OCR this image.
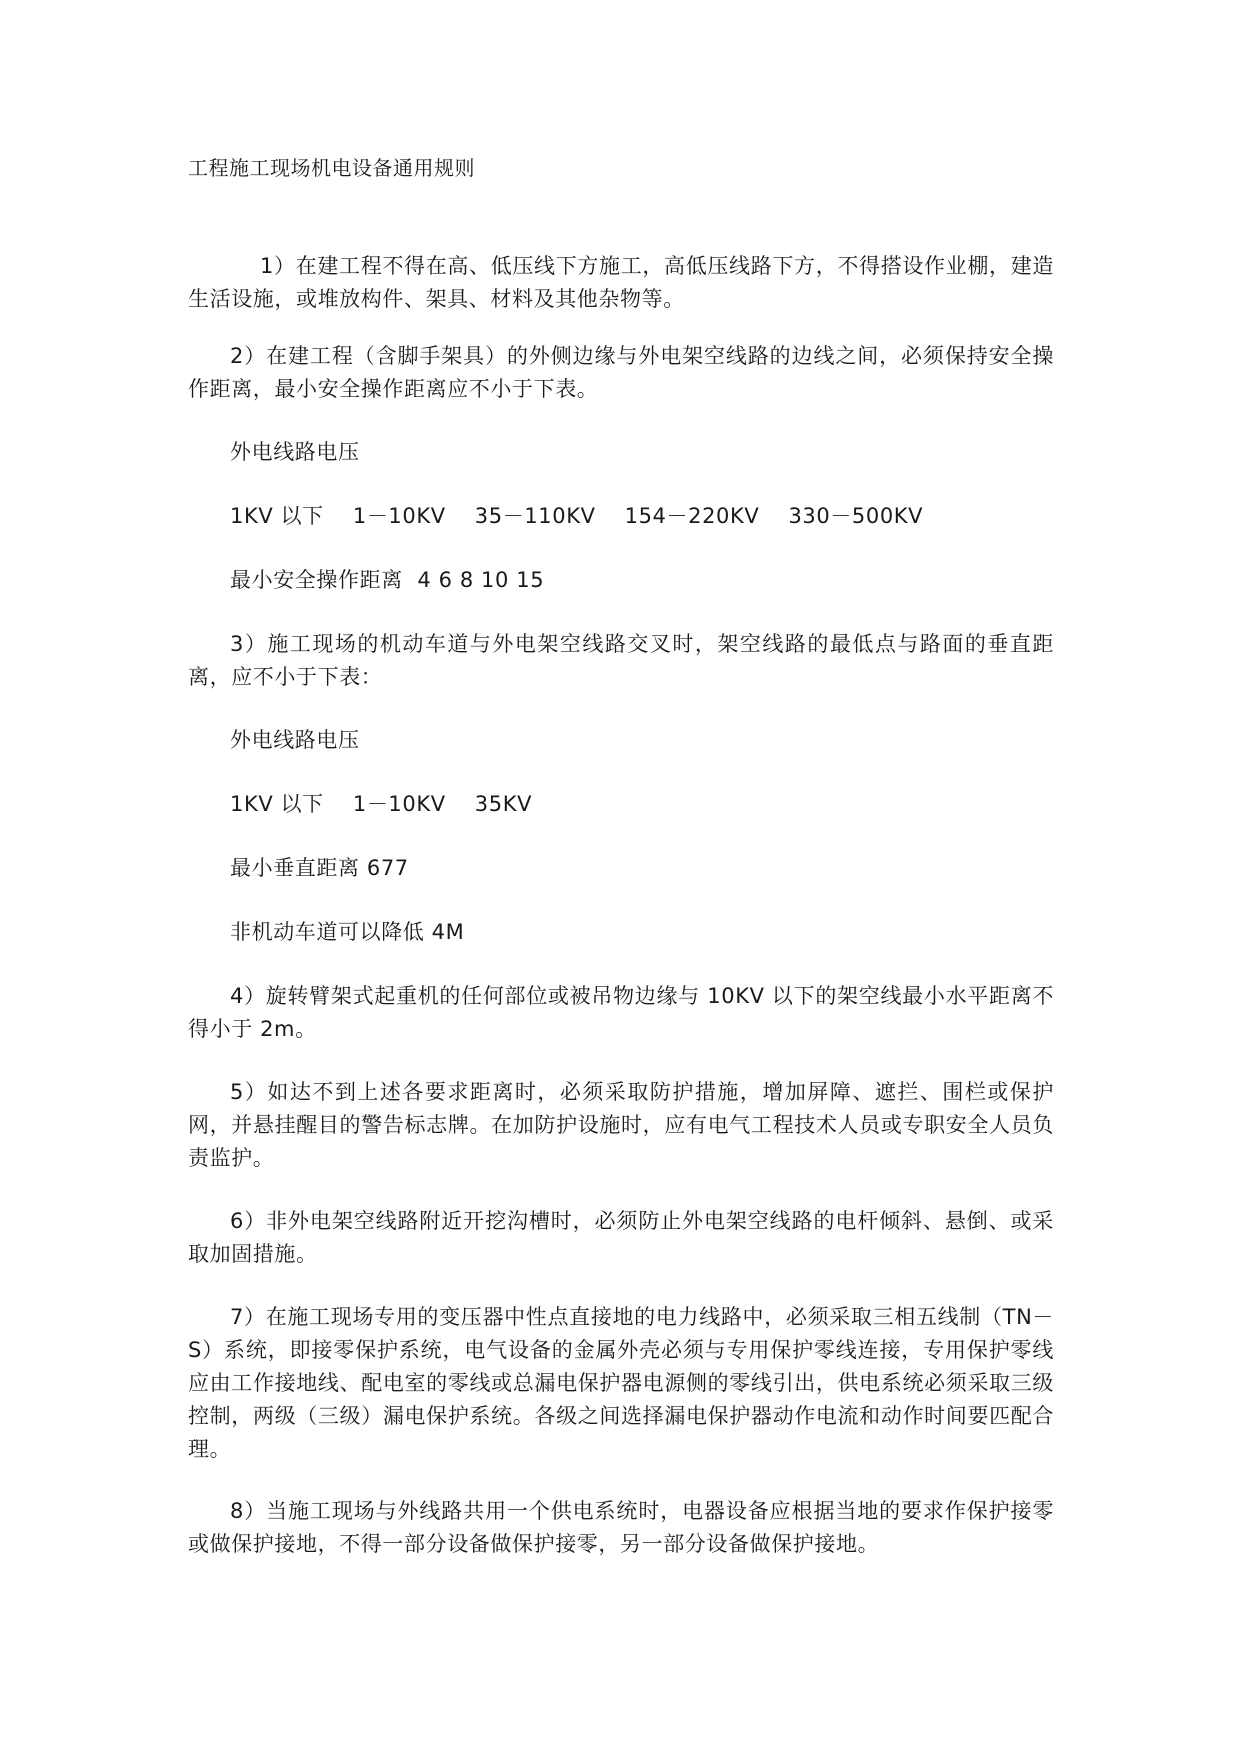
工程施工现场机电设备通用规则

1）在建工程不得在高、低压线下方施工，高低压线路下方，不得搭设作业棚，建造生活设施，或堆放构件、架具、材料及其他杂物等。

2）在建工程（含脚手架具）的外侧边缘与外电架空线路的边线之间，必须保持安全操作距离，最小安全操作距离应不小于下表。

外电线路电压

1KV 以下    1－10KV    35－110KV    154－220KV    330－500KV

最小安全操作距离  4 6 8 10 15

3）施工现场的机动车道与外电架空线路交叉时，架空线路的最低点与路面的垂直距离，应不小于下表：

外电线路电压

1KV 以下    1－10KV    35KV

最小垂直距离 677

非机动车道可以降低 4M

4）旋转臂架式起重机的任何部位或被吊物边缘与 10KV 以下的架空线最小水平距离不得小于 2m。

5）如达不到上述各要求距离时，必须采取防护措施，增加屏障、遮拦、围栏或保护网，并悬挂醒目的警告标志牌。在加防护设施时，应有电气工程技术人员或专职安全人员负责监护。

6）非外电架空线路附近开挖沟槽时，必须防止外电架空线路的电杆倾斜、悬倒、或采取加固措施。

7）在施工现场专用的变压器中性点直接地的电力线路中，必须采取三相五线制（TN－S）系统，即接零保护系统，电气设备的金属外壳必须与专用保护零线连接，专用保护零线应由工作接地线、配电室的零线或总漏电保护器电源侧的零线引出，供电系统必须采取三级控制，两级（三级）漏电保护系统。各级之间选择漏电保护器动作电流和动作时间要匹配合理。

8）当施工现场与外线路共用一个供电系统时，电器设备应根据当地的要求作保护接零或做保护接地，不得一部分设备做保护接零，另一部分设备做保护接地。
